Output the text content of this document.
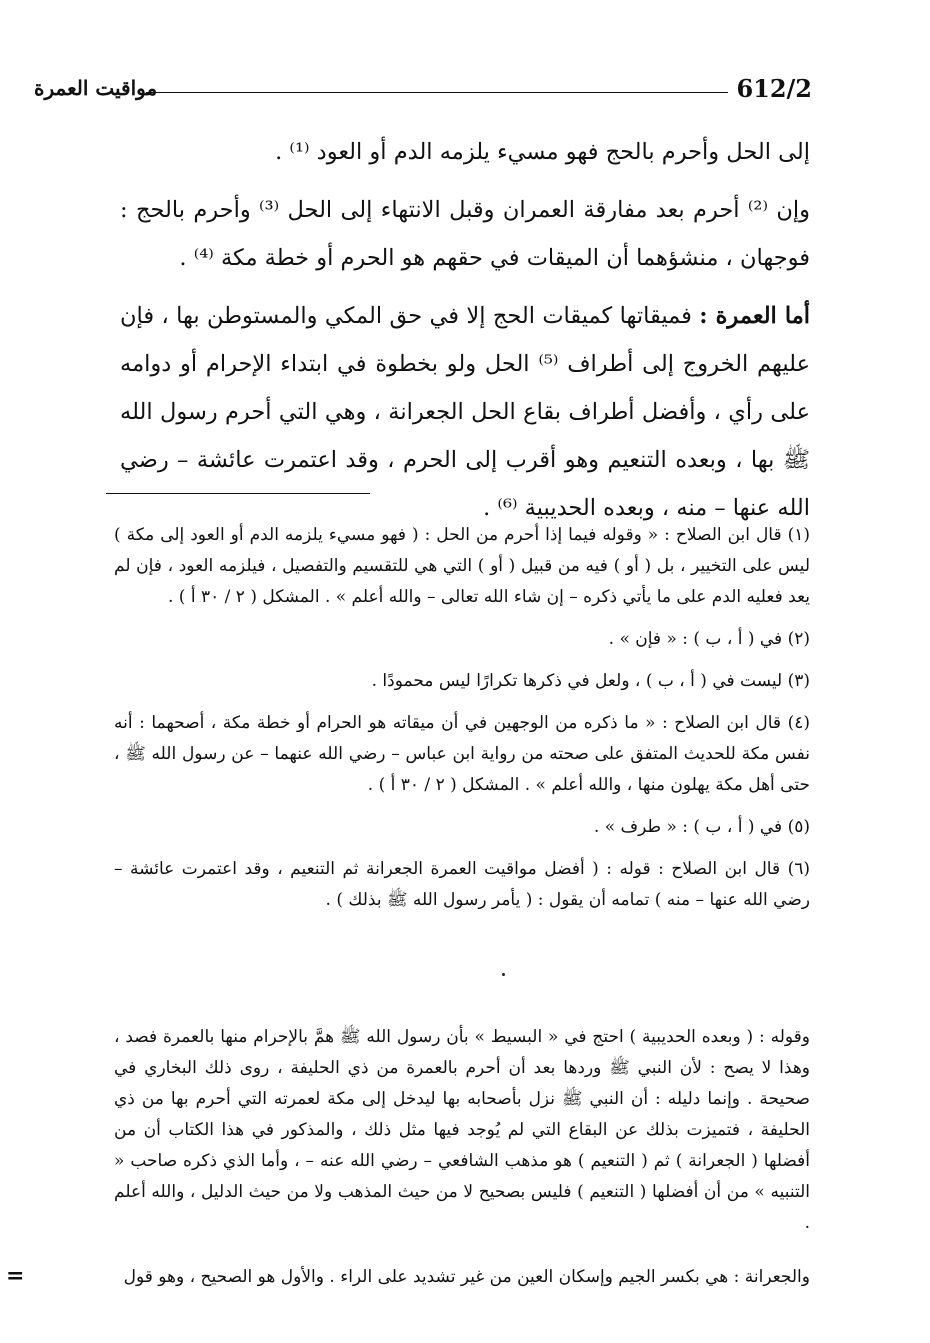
612/2
مواقيت العمرة

إلى الحل وأحرم بالحج فهو مسيء يلزمه الدم أو العود ⁽¹⁾ .

وإن ⁽²⁾ أحرم بعد مفارقة العمران وقبل الانتهاء إلى الحل ⁽³⁾ وأحرم بالحج : فوجهان ، منشؤهما أن الميقات في حقهم هو الحرم أو خطة مكة ⁽⁴⁾ .

أما العمرة : فميقاتها كميقات الحج إلا في حق المكي والمستوطن بها ، فإن عليهم الخروج إلى أطراف ⁽⁵⁾ الحل ولو بخطوة في ابتداء الإحرام أو دوامه على رأي ، وأفضل أطراف بقاع الحل الجعرانة ، وهي التي أحرم رسول الله ﷺ بها ، وبعده التنعيم وهو أقرب إلى الحرم ، وقد اعتمرت عائشة – رضي الله عنها – منه ، وبعده الحديبية ⁽⁶⁾ .

(١) قال ابن الصلاح : « وقوله فيما إذا أحرم من الحل : ( فهو مسيء يلزمه الدم أو العود إلى مكة ) ليس على التخيير ، بل ( أو ) فيه من قبيل ( أو ) التي هي للتقسيم والتفصيل ، فيلزمه العود ، فإن لم يعد فعليه الدم على ما يأتي ذكره – إن شاء الله تعالى – والله أعلم » . المشكل ( ٢ / ٣٠ أ ) .

(٢) في ( أ ، ب ) : « فإن » .

(٣) ليست في ( أ ، ب ) ، ولعل في ذكرها تكرارًا ليس محمودًا .

(٤) قال ابن الصلاح : « ما ذكره من الوجهين في أن ميقاته هو الحرام أو خطة مكة ، أصحهما : أنه نفس مكة للحديث المتفق على صحته من رواية ابن عباس – رضي الله عنهما – عن رسول الله ﷺ ، حتى أهل مكة يهلون منها ، والله أعلم » . المشكل ( ٢ / ٣٠ أ ) .

(٥) في ( أ ، ب ) : « طرف » .

(٦) قال ابن الصلاح : قوله : ( أفضل مواقيت العمرة الجعرانة ثم التنعيم ، وقد اعتمرت عائشة – رضي الله عنها – منه ) تمامه أن يقول : ( يأمر رسول الله ﷺ بذلك ) .

وقوله : ( وبعده الحديبية ) احتج في « البسيط » بأن رسول الله ﷺ همَّ بالإحرام منها بالعمرة فصد ، وهذا لا يصح : لأن النبي ﷺ وردها بعد أن أحرم بالعمرة من ذي الحليفة ، روى ذلك البخاري في صحيحة . وإنما دليله : أن النبي ﷺ نزل بأصحابه بها ليدخل إلى مكة لعمرته التي أحرم بها من ذي الحليفة ، فتميزت بذلك عن البقاع التي لم يُوجد فيها مثل ذلك ، والمذكور في هذا الكتاب أن من أفضلها ( الجعرانة ) ثم ( التنعيم ) هو مذهب الشافعي – رضي الله عنه – ، وأما الذي ذكره صاحب « التنبيه » من أن أفضلها ( التنعيم ) فليس بصحيح لا من حيث المذهب ولا من حيث الدليل ، والله أعلم .

والجعرانة : هي بكسر الجيم وإسكان العين من غير تشديد على الراء . والأول هو الصحيح ، وهو قول
=
